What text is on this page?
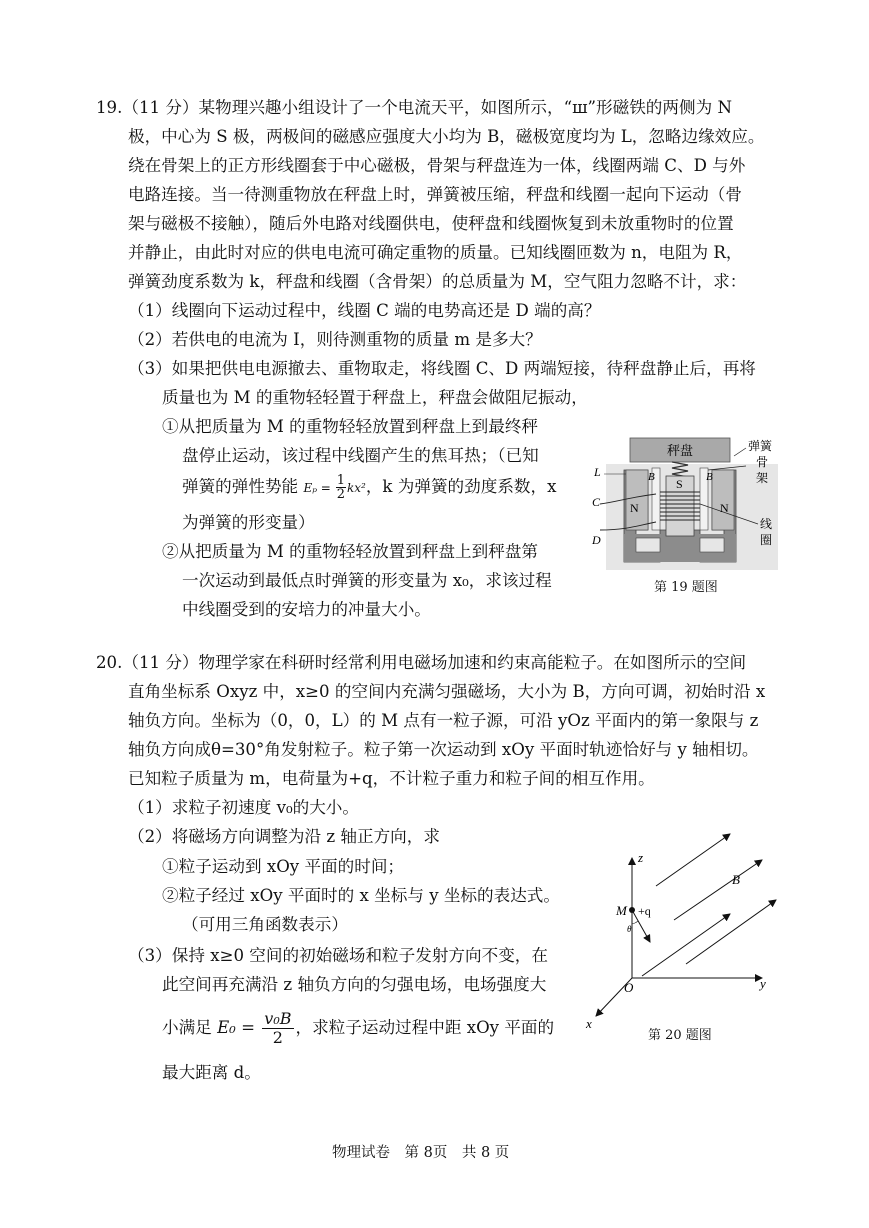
19.（11 分）某物理兴趣小组设计了一个电流天平，如图所示，“ш”形磁铁的两侧为 N
极，中心为 S 极，两极间的磁感应强度大小均为 B，磁极宽度均为 L，忽略边缘效应。
绕在骨架上的正方形线圈套于中心磁极，骨架与秤盘连为一体，线圈两端 C、D 与外
电路连接。当一待测重物放在秤盘上时，弹簧被压缩，秤盘和线圈一起向下运动（骨
架与磁极不接触），随后外电路对线圈供电，使秤盘和线圈恢复到未放重物时的位置
并静止，由此时对应的供电电流可确定重物的质量。已知线圈匝数为 n，电阻为 R，
弹簧劲度系数为 k，秤盘和线圈（含骨架）的总质量为 M，空气阻力忽略不计，求：
（1）线圈向下运动过程中，线圈 C 端的电势高还是 D 端的高？
（2）若供电的电流为 I，则待测重物的质量 m 是多大？
（3）如果把供电电源撤去、重物取走，将线圈 C、D 两端短接，待秤盘静止后，再将
质量也为 M 的重物轻轻置于秤盘上，秤盘会做阻尼振动，
①从把质量为 M 的重物轻轻放置到秤盘上到最终秤
盘停止运动，该过程中线圈产生的焦耳热；（已知
弹簧的弹性势能 $E_p = \frac{1}{2} kx^2$，k 为弹簧的劲度系数，x
为弹簧的形变量）
②从把质量为 M 的重物轻轻放置到秤盘上到秤盘第
一次运动到最低点时弹簧的形变量为 x₀，求该过程
中线圈受到的安培力的冲量大小。
秤盘
L
C
D
B	B
S
N	N
弹簧
骨
架
线
圈
第 19 题图
20.（11 分）物理学家在科研时经常利用电磁场加速和约束高能粒子。在如图所示的空间
直角坐标系 Oxyz 中，x≥0 的空间内充满匀强磁场，大小为 B，方向可调，初始时沿 x
轴负方向。坐标为（0，0，L）的 M 点有一粒子源，可沿 yOz 平面内的第一象限与 z
轴负方向成θ=30°角发射粒子。粒子第一次运动到 xOy 平面时轨迹恰好与 y 轴相切。
已知粒子质量为 m，电荷量为+q，不计粒子重力和粒子间的相互作用。
（1）求粒子初速度 v₀的大小。
（2）将磁场方向调整为沿 z 轴正方向，求
①粒子运动到 xOy 平面的时间；
②粒子经过 xOy 平面时的 x 坐标与 y 坐标的表达式。
（可用三角函数表示）
（3）保持 x≥0 空间的初始磁场和粒子发射方向不变，在
此空间再充满沿 z 轴负方向的匀强电场，电场强度大
小满足 $E_0 = \frac{\text{v₀B}}{2}$ ，求粒子运动过程中距 xOy 平面的
最大距离 d。
z
y
x
O
B
M +q
θ
第 20 题图
物理试卷　第 8页　共 8 页
